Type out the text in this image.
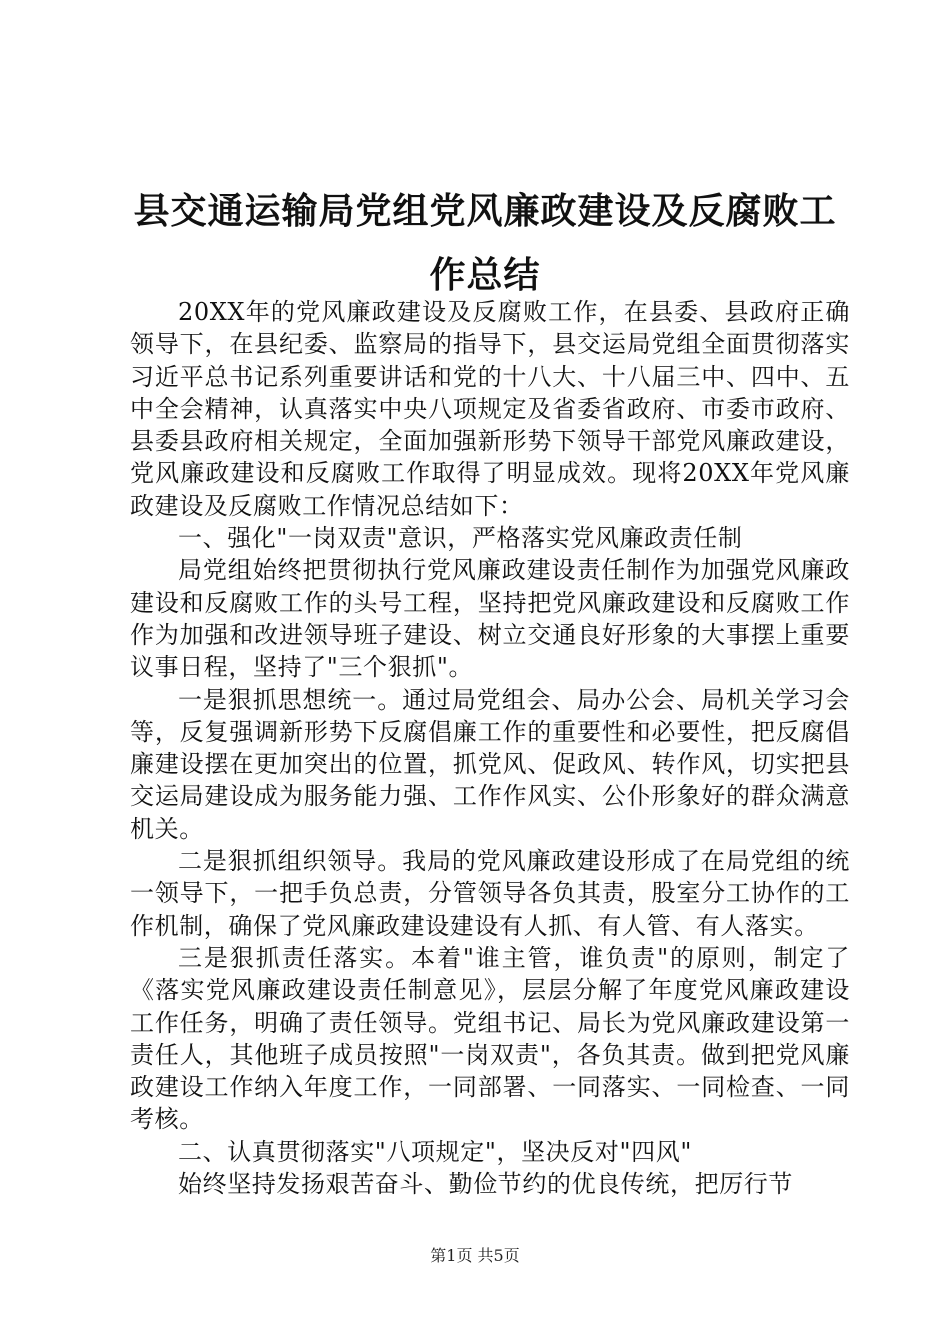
县交通运输局党组党风廉政建设及反腐败工作总结

20XX年的党风廉政建设及反腐败工作，在县委、县政府正确领导下，在县纪委、监察局的指导下，县交运局党组全面贯彻落实习近平总书记系列重要讲话和党的十八大、十八届三中、四中、五中全会精神，认真落实中央八项规定及省委省政府、市委市政府、县委县政府相关规定，全面加强新形势下领导干部党风廉政建设，党风廉政建设和反腐败工作取得了明显成效。现将20XX年党风廉政建设及反腐败工作情况总结如下：

一、强化"一岗双责"意识，严格落实党风廉政责任制

局党组始终把贯彻执行党风廉政建设责任制作为加强党风廉政建设和反腐败工作的头号工程，坚持把党风廉政建设和反腐败工作作为加强和改进领导班子建设、树立交通良好形象的大事摆上重要议事日程，坚持了"三个狠抓"。

一是狠抓思想统一。通过局党组会、局办公会、局机关学习会等，反复强调新形势下反腐倡廉工作的重要性和必要性，把反腐倡廉建设摆在更加突出的位置，抓党风、促政风、转作风，切实把县交运局建设成为服务能力强、工作作风实、公仆形象好的群众满意机关。

二是狠抓组织领导。我局的党风廉政建设形成了在局党组的统一领导下，一把手负总责，分管领导各负其责，股室分工协作的工作机制，确保了党风廉政建设建设有人抓、有人管、有人落实。

三是狠抓责任落实。本着"谁主管，谁负责"的原则，制定了《落实党风廉政建设责任制意见》，层层分解了年度党风廉政建设工作任务，明确了责任领导。党组书记、局长为党风廉政建设第一责任人，其他班子成员按照"一岗双责"，各负其责。做到把党风廉政建设工作纳入年度工作，一同部署、一同落实、一同检查、一同考核。

二、认真贯彻落实"八项规定"，坚决反对"四风"

始终坚持发扬艰苦奋斗、勤俭节约的优良传统，把厉行节

第1页 共5页
